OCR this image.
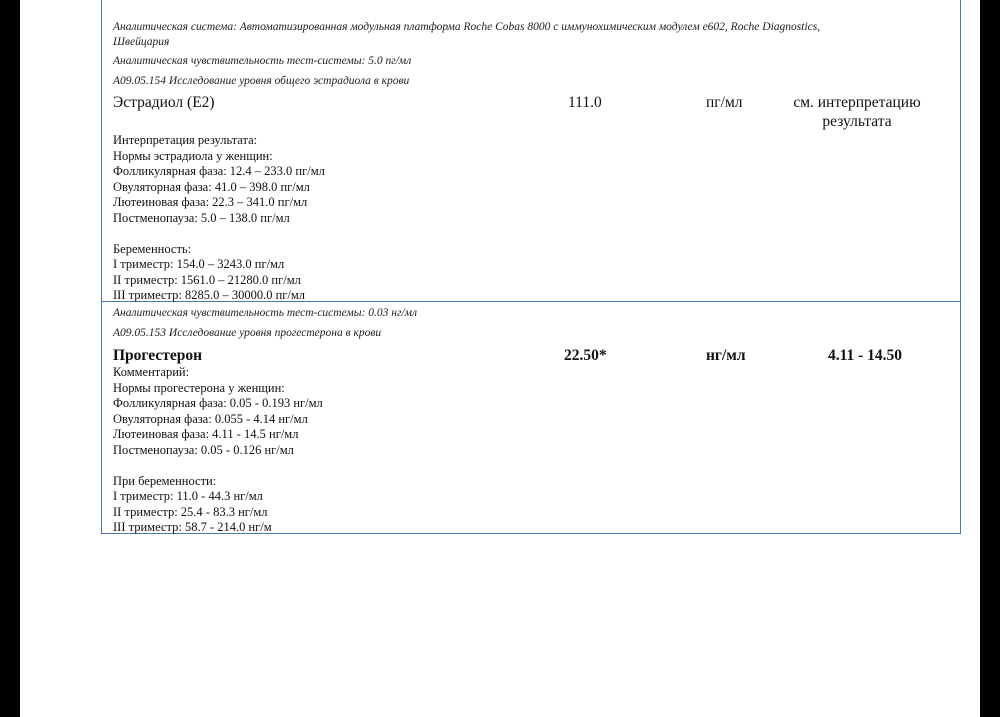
Аналитическая система: Автоматизированная модульная платформа Roche Cobas 8000 с иммунохимическим модулем е602, Roche Diagnostics,
Швейцария
Аналитическая чувствительность тест-системы: 5.0 пг/мл
A09.05.154 Исследование уровня общего эстрадиола в крови
Эстрадиол (Е2)	111.0	пг/мл	см. интерпретацию
результата
Интерпретация результата:
Нормы эстрадиола у женщин:
Фолликулярная фаза: 12.4 – 233.0 пг/мл
Овуляторная фаза: 41.0 – 398.0 пг/мл
Лютеиновая фаза: 22.3 – 341.0 пг/мл
Постменопауза: 5.0 – 138.0 пг/мл
Беременность:
I триместр: 154.0 – 3243.0 пг/мл
II триместр: 1561.0 – 21280.0 пг/мл
III триместр: 8285.0 – 30000.0 пг/мл
Аналитическая чувствительность тест-системы: 0.03 нг/мл
A09.05.153 Исследование уровня прогестерона в крови
Прогестерон	22.50*	нг/мл	4.11 - 14.50
Комментарий:
Нормы прогестерона у женщин:
Фолликулярная фаза: 0.05 - 0.193 нг/мл
Овуляторная фаза: 0.055 - 4.14 нг/мл
Лютеиновая фаза: 4.11 - 14.5 нг/мл
Постменопауза: 0.05 - 0.126 нг/мл
При беременности:
I триместр: 11.0 - 44.3 нг/мл
II триместр: 25.4 - 83.3 нг/мл
III триместр: 58.7 - 214.0 нг/м
